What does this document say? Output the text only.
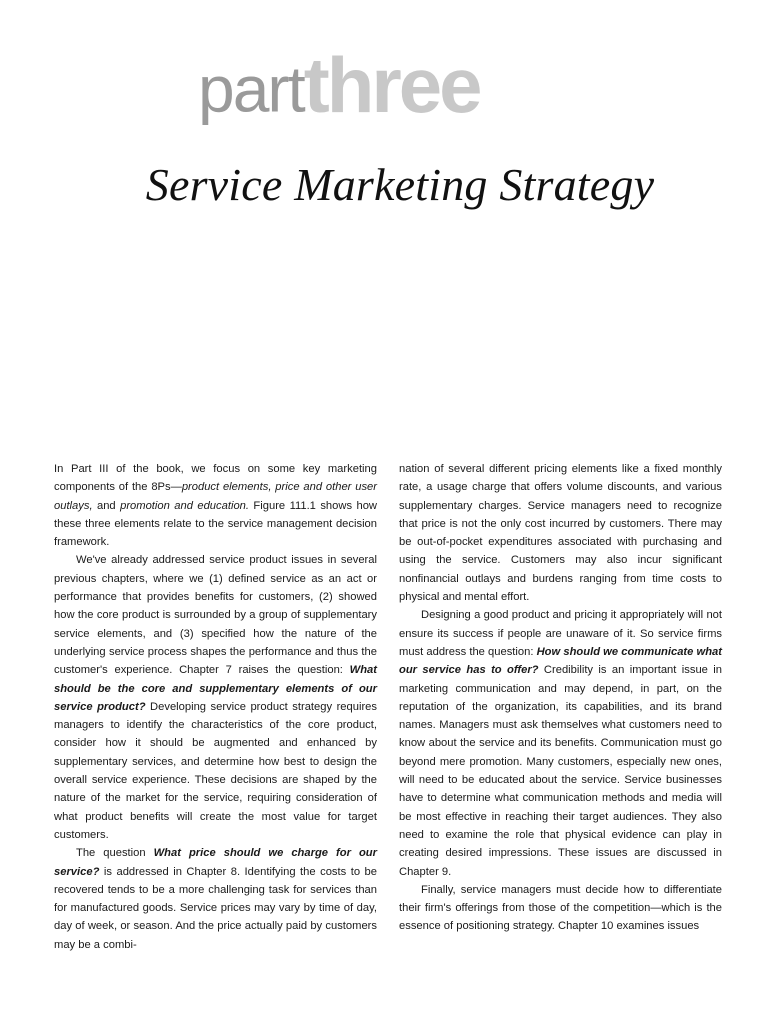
partthree
Service Marketing Strategy

In Part III of the book, we focus on some key marketing components of the 8Ps—product elements, price and other user outlays, and promotion and education. Figure 111.1 shows how these three elements relate to the service management decision framework.

We've already addressed service product issues in several previous chapters, where we (1) defined service as an act or performance that provides benefits for customers, (2) showed how the core product is surrounded by a group of supplementary service elements, and (3) specified how the nature of the underlying service process shapes the performance and thus the customer's experience. Chapter 7 raises the question: What should be the core and supplementary elements of our service product? Developing service product strategy requires managers to identify the characteristics of the core product, consider how it should be augmented and enhanced by supplementary services, and determine how best to design the overall service experience. These decisions are shaped by the nature of the market for the service, requiring consideration of what product benefits will create the most value for target customers.

The question What price should we charge for our service? is addressed in Chapter 8. Identifying the costs to be recovered tends to be a more challenging task for services than for manufactured goods. Service prices may vary by time of day, day of week, or season. And the price actually paid by customers may be a combi-

nation of several different pricing elements like a fixed monthly rate, a usage charge that offers volume discounts, and various supplementary charges. Service managers need to recognize that price is not the only cost incurred by customers. There may be out-of-pocket expenditures associated with purchasing and using the service. Customers may also incur significant nonfinancial outlays and burdens ranging from time costs to physical and mental effort.

Designing a good product and pricing it appropriately will not ensure its success if people are unaware of it. So service firms must address the question: How should we communicate what our service has to offer? Credibility is an important issue in marketing communication and may depend, in part, on the reputation of the organization, its capabilities, and its brand names. Managers must ask themselves what customers need to know about the service and its benefits. Communication must go beyond mere promotion. Many customers, especially new ones, will need to be educated about the service. Service businesses have to determine what communication methods and media will be most effective in reaching their target audiences. They also need to examine the role that physical evidence can play in creating desired impressions. These issues are discussed in Chapter 9.

Finally, service managers must decide how to differentiate their firm's offerings from those of the competition—which is the essence of positioning strategy. Chapter 10 examines issues
